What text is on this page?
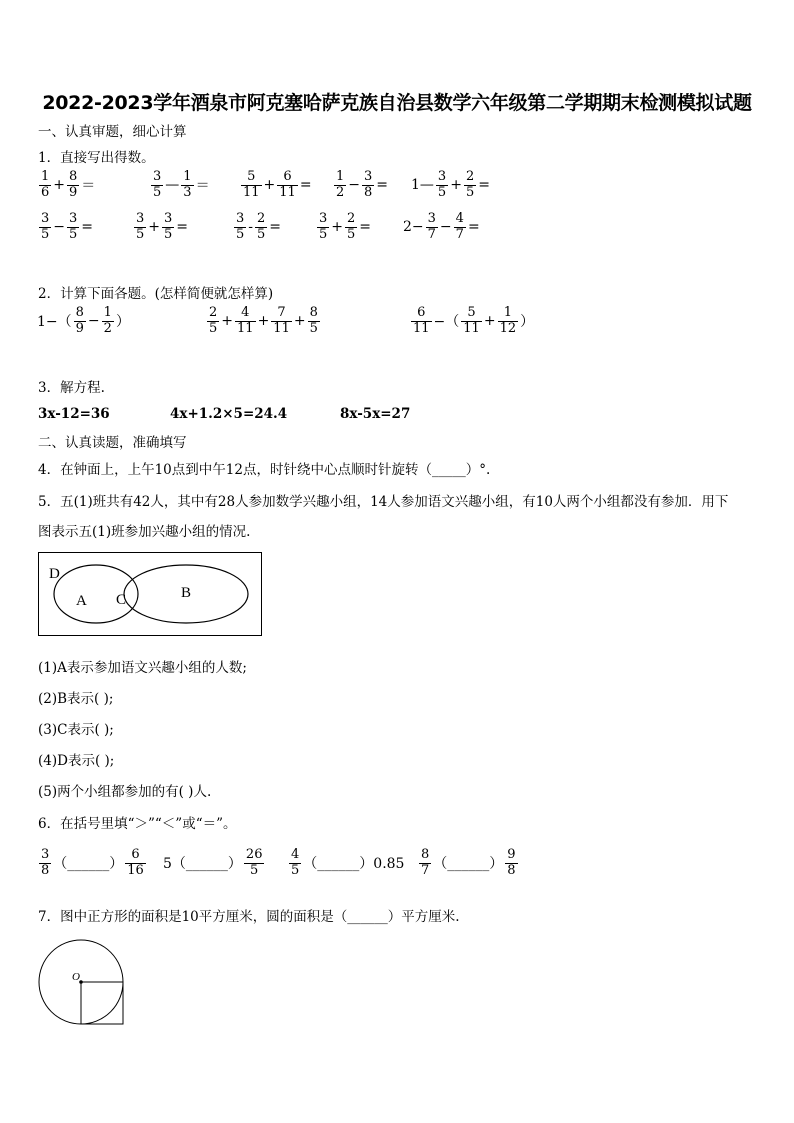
2022-2023学年酒泉市阿克塞哈萨克族自治县数学六年级第二学期期末检测模拟试题
一、认真审题，细心计算
1．直接写出得数。
$\frac{1}{6} + \frac{8}{9}$ ＝	$\frac{3}{5}$ — $\frac{1}{3} = \frac{5}{11} + \frac{6}{11} = \frac{1}{2} - \frac{3}{8}$ = 1— $\frac{3}{5} + \frac{2}{5}$ =
$\frac{3}{5} - \frac{3}{5}$ =	$\frac{3}{5} + \frac{3}{5}$ =	$\frac{3}{5} - \frac{2}{5}$ =	$\frac{3}{5} + \frac{2}{5} = 2- \frac{3}{7} - \frac{4}{7}$ =
2．计算下面各题。(怎样简便就怎样算)
$1-( \frac{8}{9} - \frac{1}{2}$ ）	$\frac{2}{5} + \frac{4}{11} + \frac{7}{11} + \frac{8}{5}$	$\frac{6}{11}$ −（ $\frac{5}{11} + \frac{1}{12}$ ）
3．解方程.
3x-12=36	4x+1.2×5=24.4	8x-5x=27
二、认真读题，准确填写
4．在钟面上，上午10点到中午12点，时针绕中心点顺时针旋转（_____）°.
5．五(1)班共有42人，其中有28人参加数学兴趣小组，14人参加语文兴趣小组，有10人两个小组都没有参加．用下
图表示五(1)班参加兴趣小组的情况.
D
A C	B
(1)A表示参加语文兴趣小组的人数;
(2)B表示( );
(3)C表示( );
(4)D表示( );
(5)两个小组都参加的有( )人.
6．在括号里填“＞”“＜”或“＝”。
$\frac{3}{8}$ （______） $\frac{6}{16}$ 5（______） $\frac{26}{5} \frac{4}{5}$ （______）0.85 $\frac{8}{7}$ （______） $\frac{9}{8}$
7．图中正方形的面积是10平方厘米，圆的面积是（______）平方厘米.
O
